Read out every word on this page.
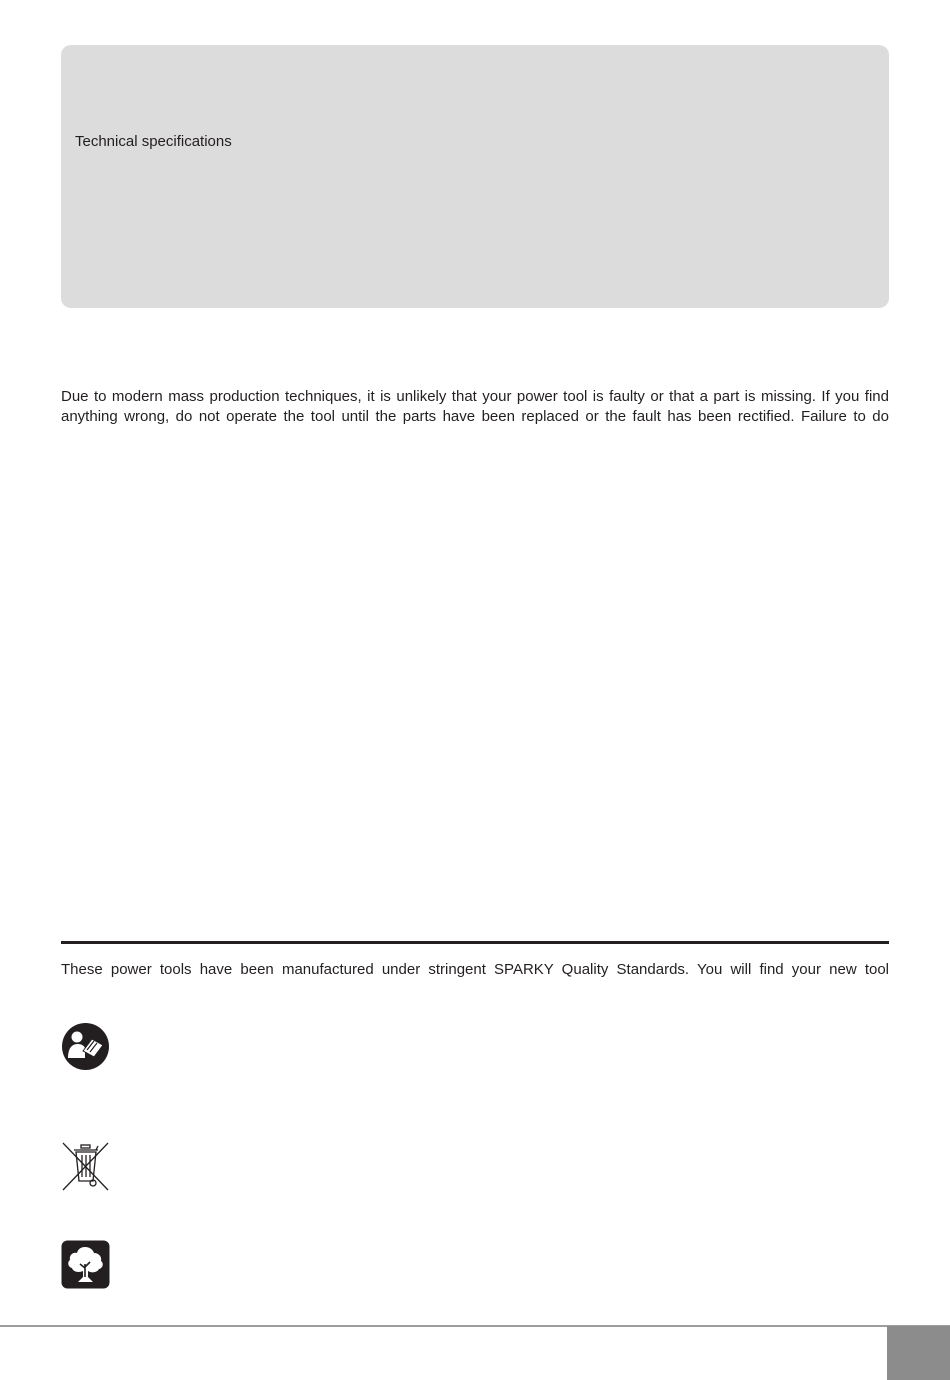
Technical specifications
Due to modern mass production techniques, it is unlikely that your power tool is faulty or that a part is missing. If you find
anything wrong, do not operate the tool until the parts have been replaced or the fault has been rectified. Failure to do
These power tools have been manufactured under stringent SPARKY Quality Standards. You will find your new tool
